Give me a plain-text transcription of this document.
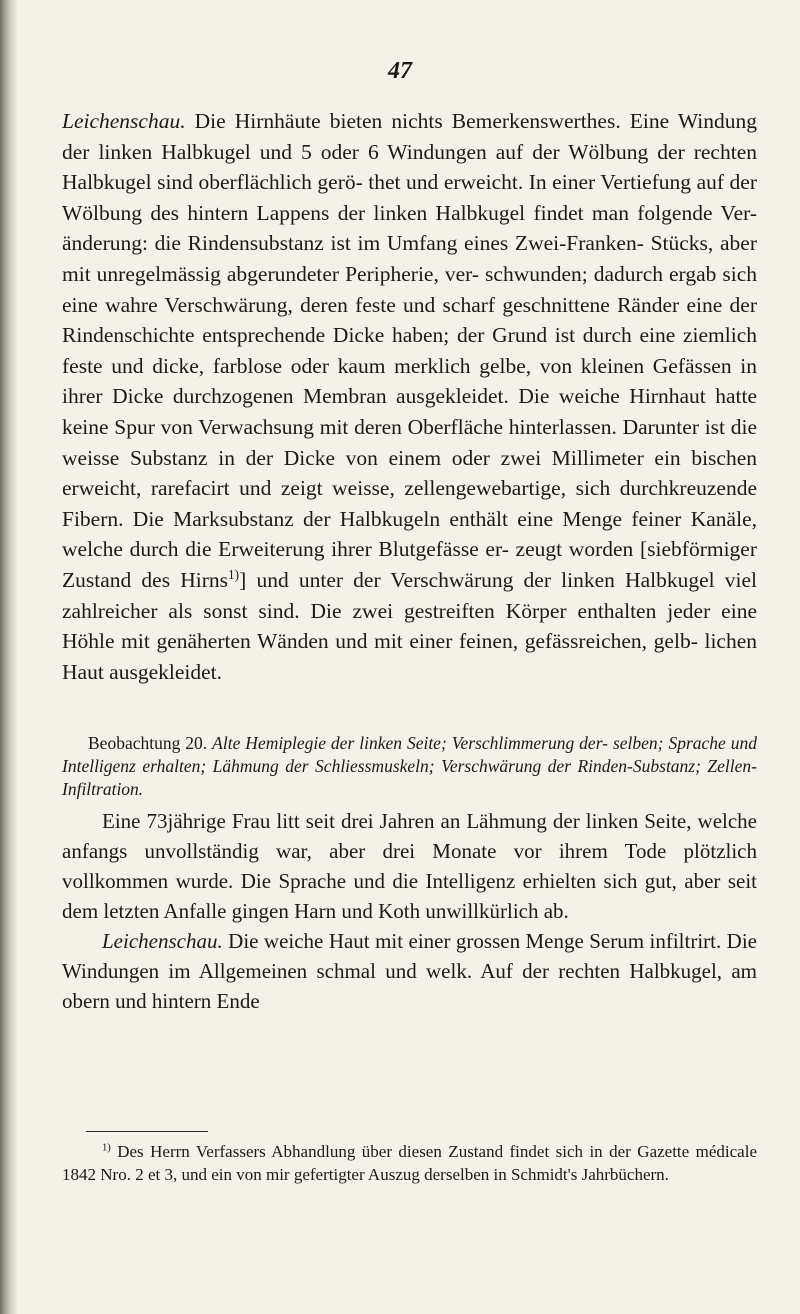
47

Leichenschau. Die Hirnhäute bieten nichts Bemerkenswerthes. Eine Windung der linken Halbkugel und 5 oder 6 Windungen auf der Wölbung der rechten Halbkugel sind oberflächlich gerö- thet und erweicht. In einer Vertiefung auf der Wölbung des hintern Lappens der linken Halbkugel findet man folgende Ver- änderung: die Rindensubstanz ist im Umfang eines Zwei-Franken- Stücks, aber mit unregelmässig abgerundeter Peripherie, ver- schwunden; dadurch ergab sich eine wahre Verschwärung, deren feste und scharf geschnittene Ränder eine der Rindenschichte entsprechende Dicke haben; der Grund ist durch eine ziemlich feste und dicke, farblose oder kaum merklich gelbe, von kleinen Gefässen in ihrer Dicke durchzogenen Membran ausgekleidet. Die weiche Hirnhaut hatte keine Spur von Verwachsung mit deren Oberfläche hinterlassen. Darunter ist die weisse Substanz in der Dicke von einem oder zwei Millimeter ein bischen erweicht, rarefacirt und zeigt weisse, zellengewebartige, sich durchkreuzende Fibern. Die Marksubstanz der Halbkugeln enthält eine Menge feiner Kanäle, welche durch die Erweiterung ihrer Blutgefässe er- zeugt worden [siebförmiger Zustand des Hirns$^{1)}$] und unter der Verschwärung der linken Halbkugel viel zahlreicher als sonst sind. Die zwei gestreiften Körper enthalten jeder eine Höhle mit genäherten Wänden und mit einer feinen, gefässreichen, gelb- lichen Haut ausgekleidet.

Beobachtung 20. Alte Hemiplegie der linken Seite; Verschlimmerung der- selben; Sprache und Intelligenz erhalten; Lähmung der Schliessmuskeln; Verschwärung der Rinden-Substanz; Zellen-Infiltration.

Eine 73jährige Frau litt seit drei Jahren an Lähmung der linken Seite, welche anfangs unvollständig war, aber drei Monate vor ihrem Tode plötzlich vollkommen wurde. Die Sprache und die Intelligenz erhielten sich gut, aber seit dem letzten Anfalle gingen Harn und Koth unwillkürlich ab.

Leichenschau. Die weiche Haut mit einer grossen Menge Serum infiltrirt. Die Windungen im Allgemeinen schmal und welk. Auf der rechten Halbkugel, am obern und hintern Ende

$^{1)}$ Des Herrn Verfassers Abhandlung über diesen Zustand findet sich in der Gazette médicale 1842 Nro. 2 et 3, und ein von mir gefertigter Auszug derselben in Schmidt's Jahrbüchern.
